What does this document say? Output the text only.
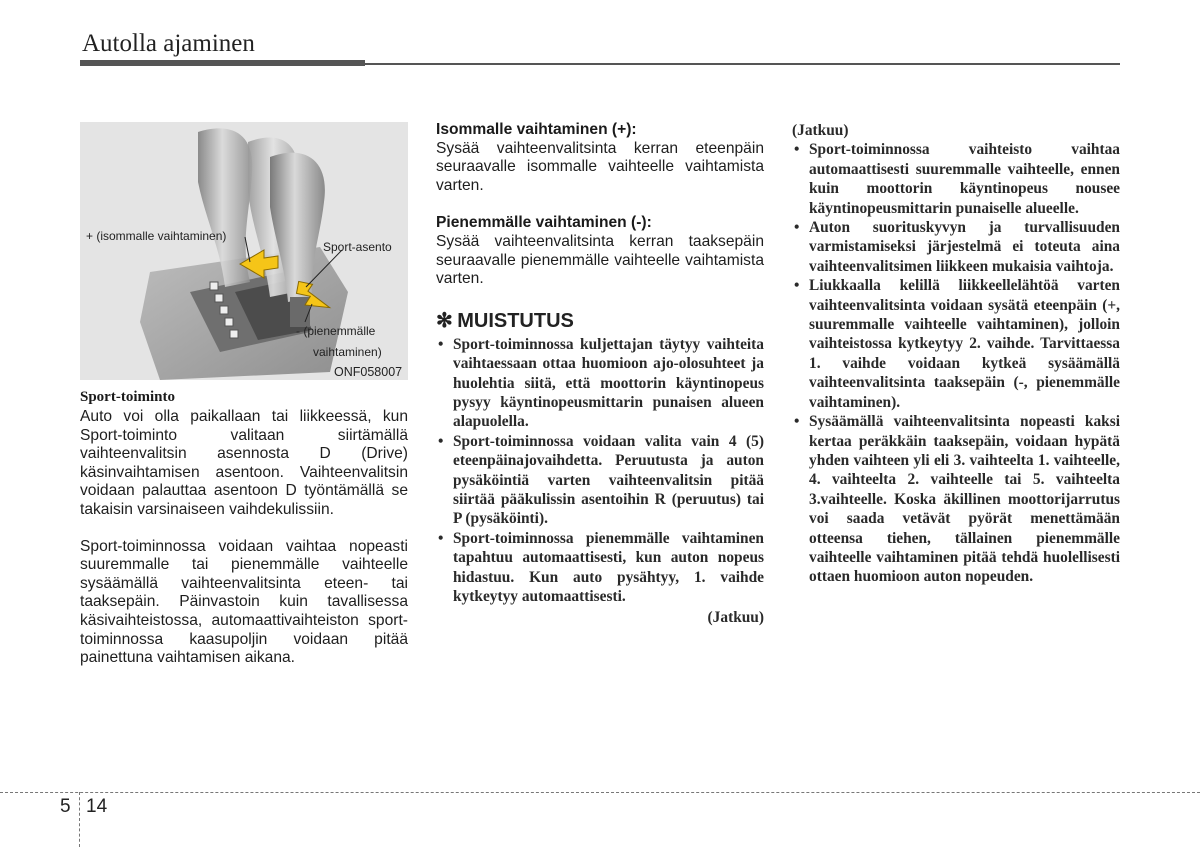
Autolla ajaminen
+ (isommalle vaihtaminen)
Sport-asento
- (pienemmälle
vaihtaminen)
ONF058007
Sport-toiminto
Auto voi olla paikallaan tai liikkeessä, kun Sport-toiminto valitaan siirtämällä vaihteenvalitsin asennosta D (Drive) käsinvaihtamisen asentoon. Vaihteenvalitsin voidaan palauttaa asentoon D työntämällä se takaisin varsinaiseen vaihdekulissiin.
Sport-toiminnossa voidaan vaihtaa nopeasti suuremmalle tai pienemmälle vaihteelle sysäämällä vaihteenvalitsinta eteen- tai taaksepäin. Päinvastoin kuin tavallisessa käsivaihteistossa, automaattivaihteiston sport-toiminnossa kaasupoljin voidaan pitää painettuna vaihtamisen aikana.
Isommalle vaihtaminen (+):
Sysää vaihteenvalitsinta kerran eteenpäin seuraavalle isommalle vaihteelle vaihtamista varten.
Pienemmälle vaihtaminen (-):
Sysää vaihteenvalitsinta kerran taaksepäin seuraavalle pienemmälle vaihteelle vaihtamista varten.
✻ MUISTUTUS
• Sport-toiminnossa kuljettajan täytyy vaihteita vaihtaessaan ottaa huomioon ajo-olosuhteet ja huolehtia siitä, että moottorin käyntinopeus pysyy käyntinopeusmittarin punaisen alueen alapuolella.
• Sport-toiminnossa voidaan valita vain 4 (5) eteenpäinajovaihdetta. Peruutusta ja auton pysäköintiä varten vaihteenvalitsin pitää siirtää pääkulissin asentoihin R (peruutus) tai P (pysäköinti).
• Sport-toiminnossa pienemmälle vaihtaminen tapahtuu automaattisesti, kun auton nopeus hidastuu. Kun auto pysähtyy, 1. vaihde kytkeytyy automaattisesti.
(Jatkuu)
(Jatkuu)
• Sport-toiminnossa vaihteisto vaihtaa automaattisesti suuremmalle vaihteelle, ennen kuin moottorin käyntinopeus nousee käyntinopeusmittarin punaiselle alueelle.
• Auton suorituskyvyn ja turvallisuuden varmistamiseksi järjestelmä ei toteuta aina vaihteenvalitsimen liikkeen mukaisia vaihtoja.
• Liukkaalla kelillä liikkeellelähtöä varten vaihteenvalitsinta voidaan sysätä eteenpäin (+, suuremmalle vaihteelle vaihtaminen), jolloin vaihteistossa kytkeytyy 2. vaihde. Tarvittaessa 1. vaihde voidaan kytkeä sysäämällä vaihteenvalitsinta taaksepäin (-, pienemmälle vaihtaminen).
• Sysäämällä vaihteenvalitsinta nopeasti kaksi kertaa peräkkäin taaksepäin, voidaan hypätä yhden vaihteen yli eli 3. vaihteelta 1. vaihteelle, 4. vaihteelta 2. vaihteelle tai 5. vaihteelta 3.vaihteelle. Koska äkillinen moottorijarrutus voi saada vetävät pyörät menettämään otteensa tiehen, tällainen pienemmälle vaihteelle vaihtaminen pitää tehdä huolellisesti ottaen huomioon auton nopeuden.
5 14
